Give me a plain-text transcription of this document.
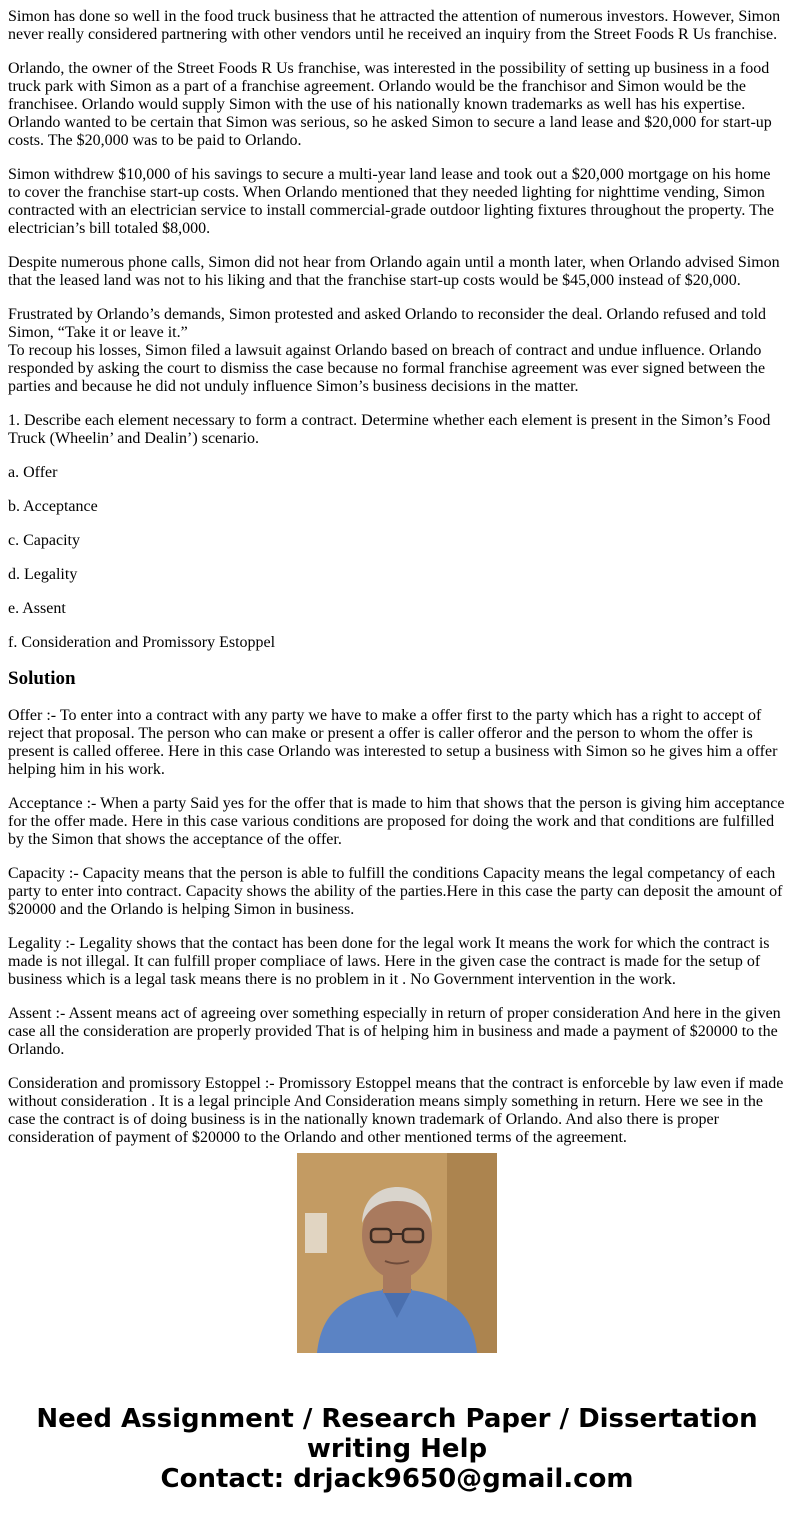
Simon has done so well in the food truck business that he attracted the attention of numerous investors. However, Simon never really considered partnering with other vendors until he received an inquiry from the Street Foods R Us franchise.

Orlando, the owner of the Street Foods R Us franchise, was interested in the possibility of setting up business in a food truck park with Simon as a part of a franchise agreement. Orlando would be the franchisor and Simon would be the franchisee. Orlando would supply Simon with the use of his nationally known trademarks as well has his expertise. Orlando wanted to be certain that Simon was serious, so he asked Simon to secure a land lease and $20,000 for start-up costs. The $20,000 was to be paid to Orlando.

Simon withdrew $10,000 of his savings to secure a multi-year land lease and took out a $20,000 mortgage on his home to cover the franchise start-up costs. When Orlando mentioned that they needed lighting for nighttime vending, Simon contracted with an electrician service to install commercial-grade outdoor lighting fixtures throughout the property. The electrician’s bill totaled $8,000.

Despite numerous phone calls, Simon did not hear from Orlando again until a month later, when Orlando advised Simon that the leased land was not to his liking and that the franchise start-up costs would be $45,000 instead of $20,000.

Frustrated by Orlando’s demands, Simon protested and asked Orlando to reconsider the deal. Orlando refused and told Simon, “Take it or leave it.”

To recoup his losses, Simon filed a lawsuit against Orlando based on breach of contract and undue influence. Orlando responded by asking the court to dismiss the case because no formal franchise agreement was ever signed between the parties and because he did not unduly influence Simon’s business decisions in the matter.

1. Describe each element necessary to form a contract. Determine whether each element is present in the Simon’s Food Truck (Wheelin’ and Dealin’) scenario.

a. Offer

b. Acceptance

c. Capacity

d. Legality

e. Assent

f. Consideration and Promissory Estoppel

Solution

Offer :- To enter into a contract with any party we have to make a offer first to the party which has a right to accept of reject that proposal. The person who can make or present a offer is caller offeror and the person to whom the offer is present is called offeree. Here in this case Orlando was interested to setup a business with Simon so he gives him a offer helping him in his work.

Acceptance :- When a party Said yes for the offer that is made to him that shows that the person is giving him acceptance for the offer made. Here in this case various conditions are proposed for doing the work and that conditions are fulfilled by the Simon that shows the acceptance of the offer.

Capacity :- Capacity means that the person is able to fulfill the conditions Capacity means the legal competancy of each party to enter into contract. Capacity shows the ability of the parties.Here in this case the party can deposit the amount of $20000 and the Orlando is helping Simon in business.

Legality :- Legality shows that the contact has been done for the legal work It means the work for which the contract is made is not illegal. It can fulfill proper compliace of laws. Here in the given case the contract is made for the setup of business which is a legal task means there is no problem in it . No Government intervention in the work.

Assent :- Assent means act of agreeing over something especially in return of proper consideration And here in the given case all the consideration are properly provided That is of helping him in business and made a payment of $20000 to the Orlando.

Consideration and promissory Estoppel :- Promissory Estoppel means that the contract is enforceble by law even if made without consideration . It is a legal principle And Consideration means simply something in return. Here we see in the case the contract is of doing business is in the nationally known trademark of Orlando. And also there is proper consideration of payment of $20000 to the Orlando and other mentioned terms of the agreement.

Need Assignment / Research Paper / Dissertation writing Help
Contact: drjack9650@gmail.com
